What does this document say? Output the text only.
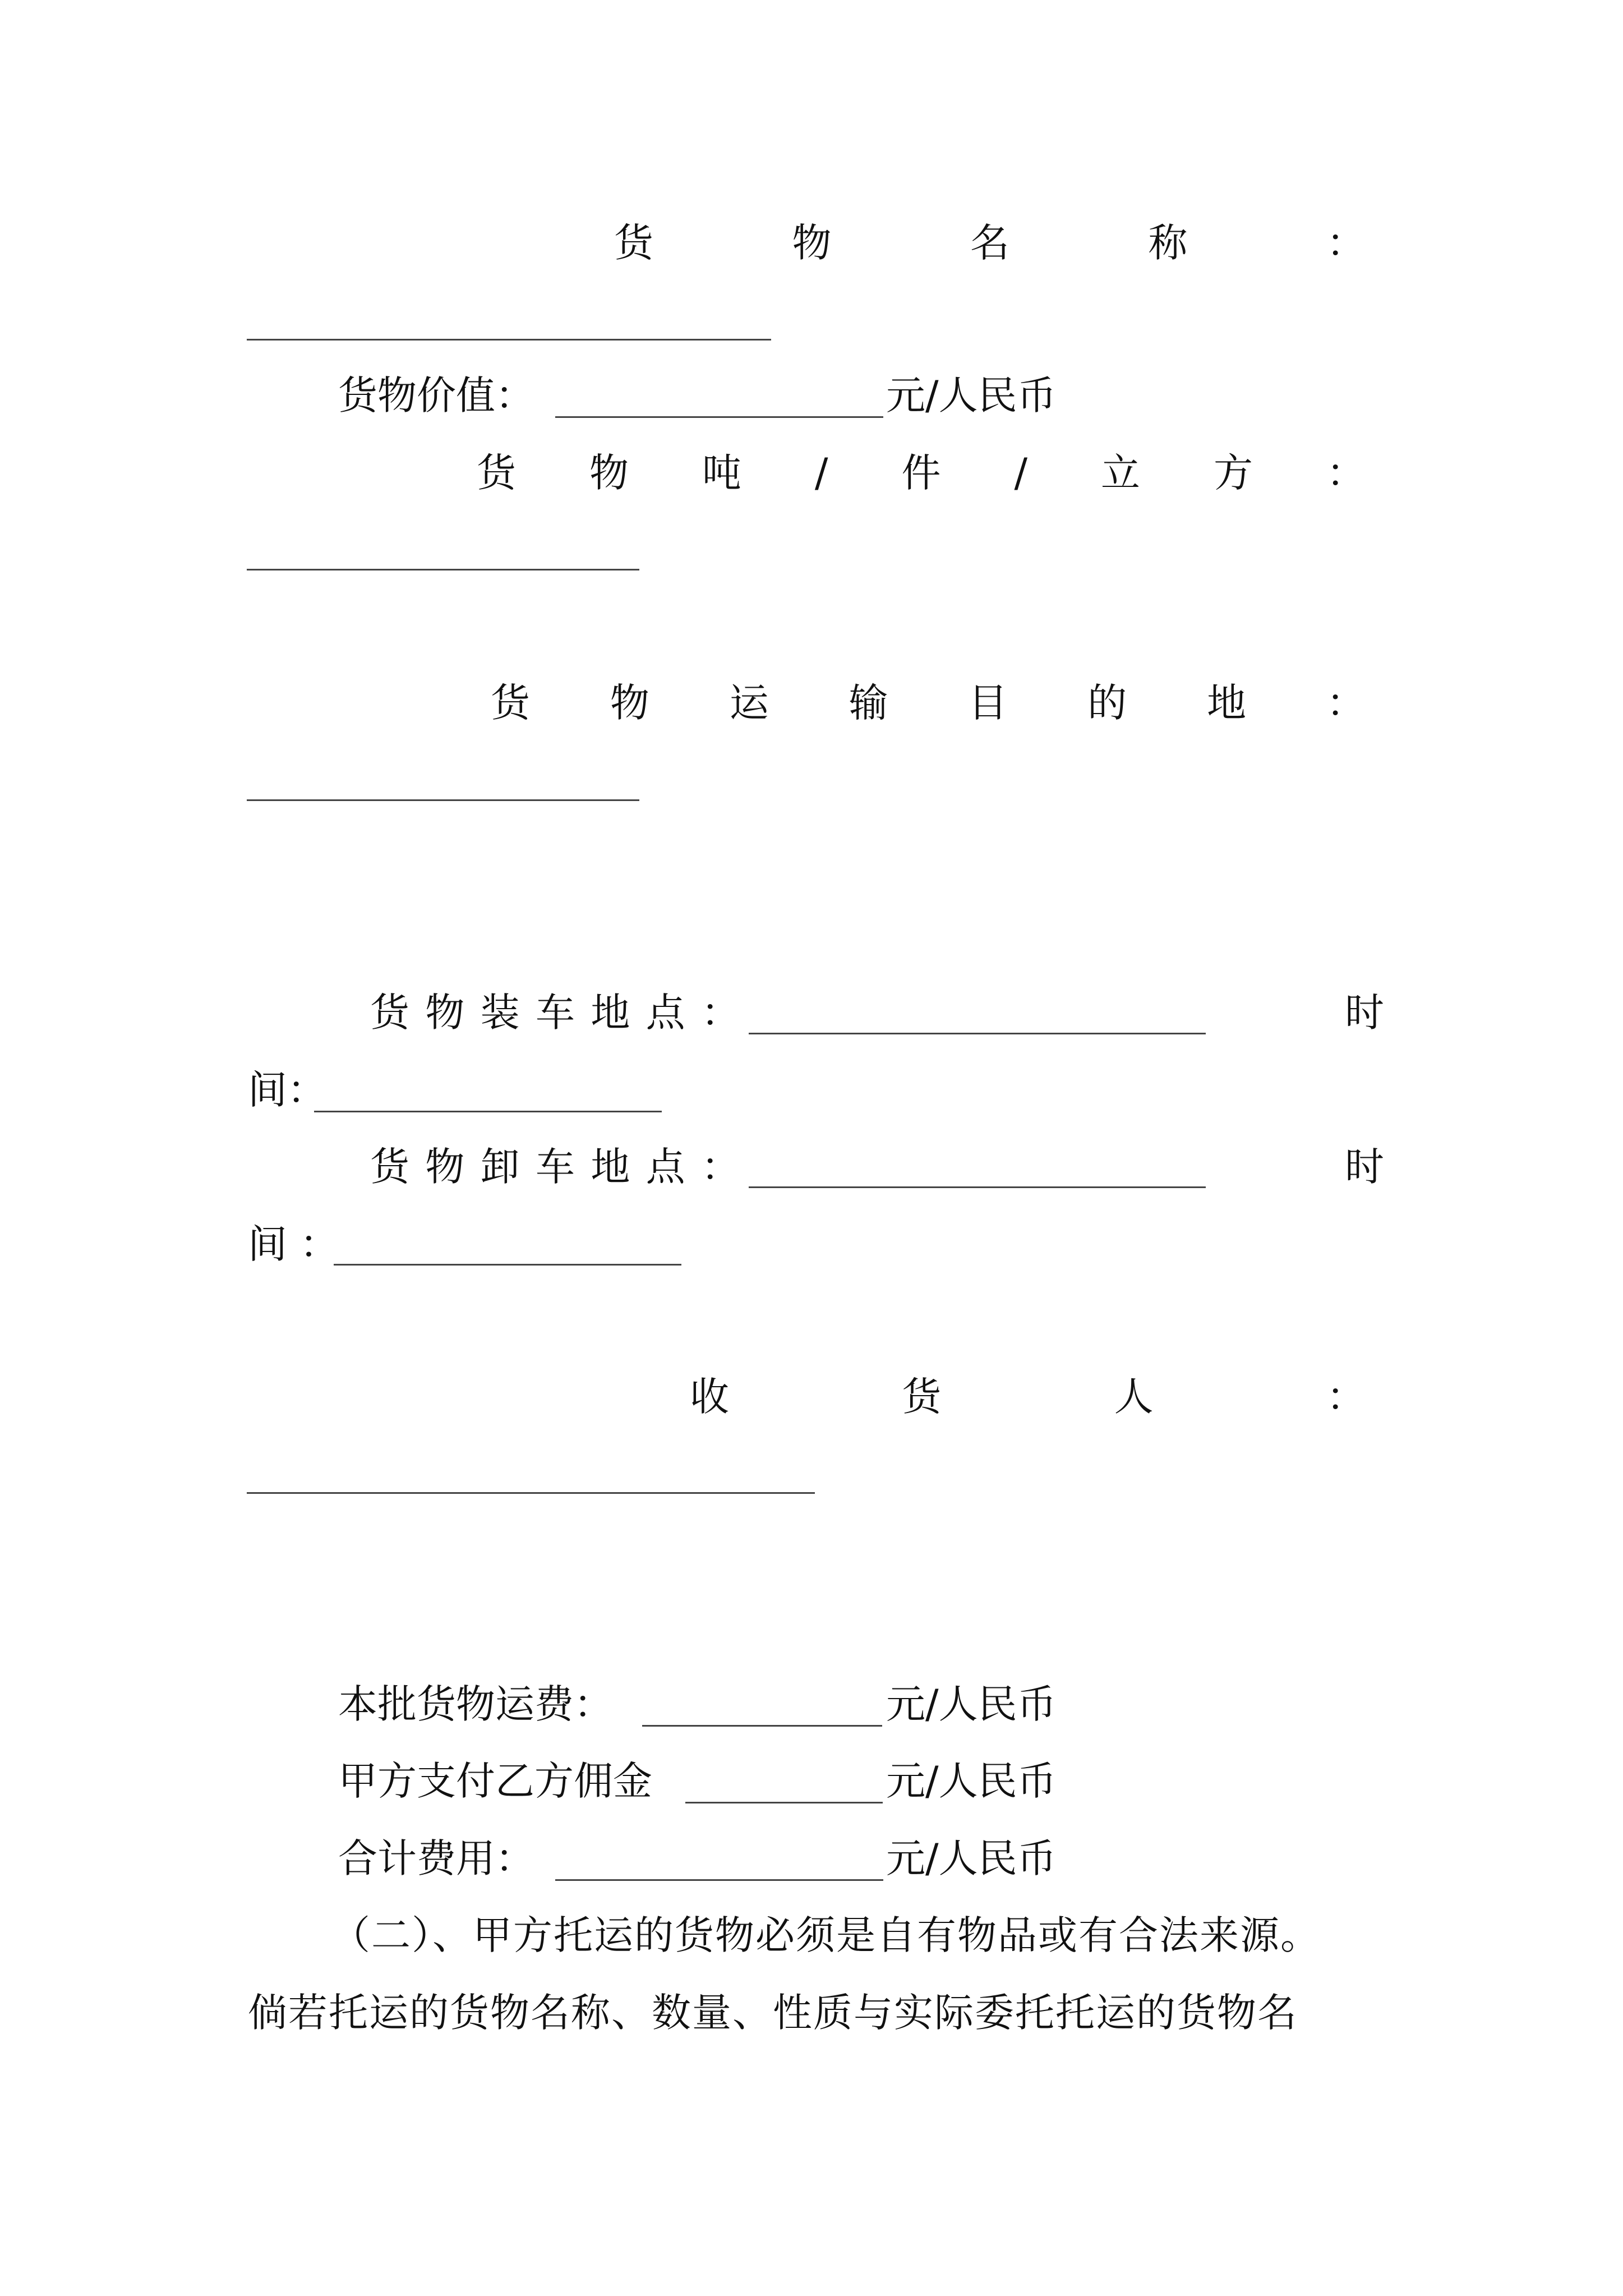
货	物	名	称	：
货物价值：	元/人民币
货 物 吨 / 件 / 立 方 ：
货 物 运 输 目 的 地 ：
货 物 装 车 地 点 ：	时
间：
货 物 卸 车 地 点 ：	时
间 ：
收	货	人	：
本批货物运费：	元/人民币
甲方支付乙方佣金	元/人民币
合计费用：	元/人民币
（二）、甲方托运的货物必须是自有物品或有合法来源。
倘若托运的货物名称、数量、性质与实际委托托运的货物名
